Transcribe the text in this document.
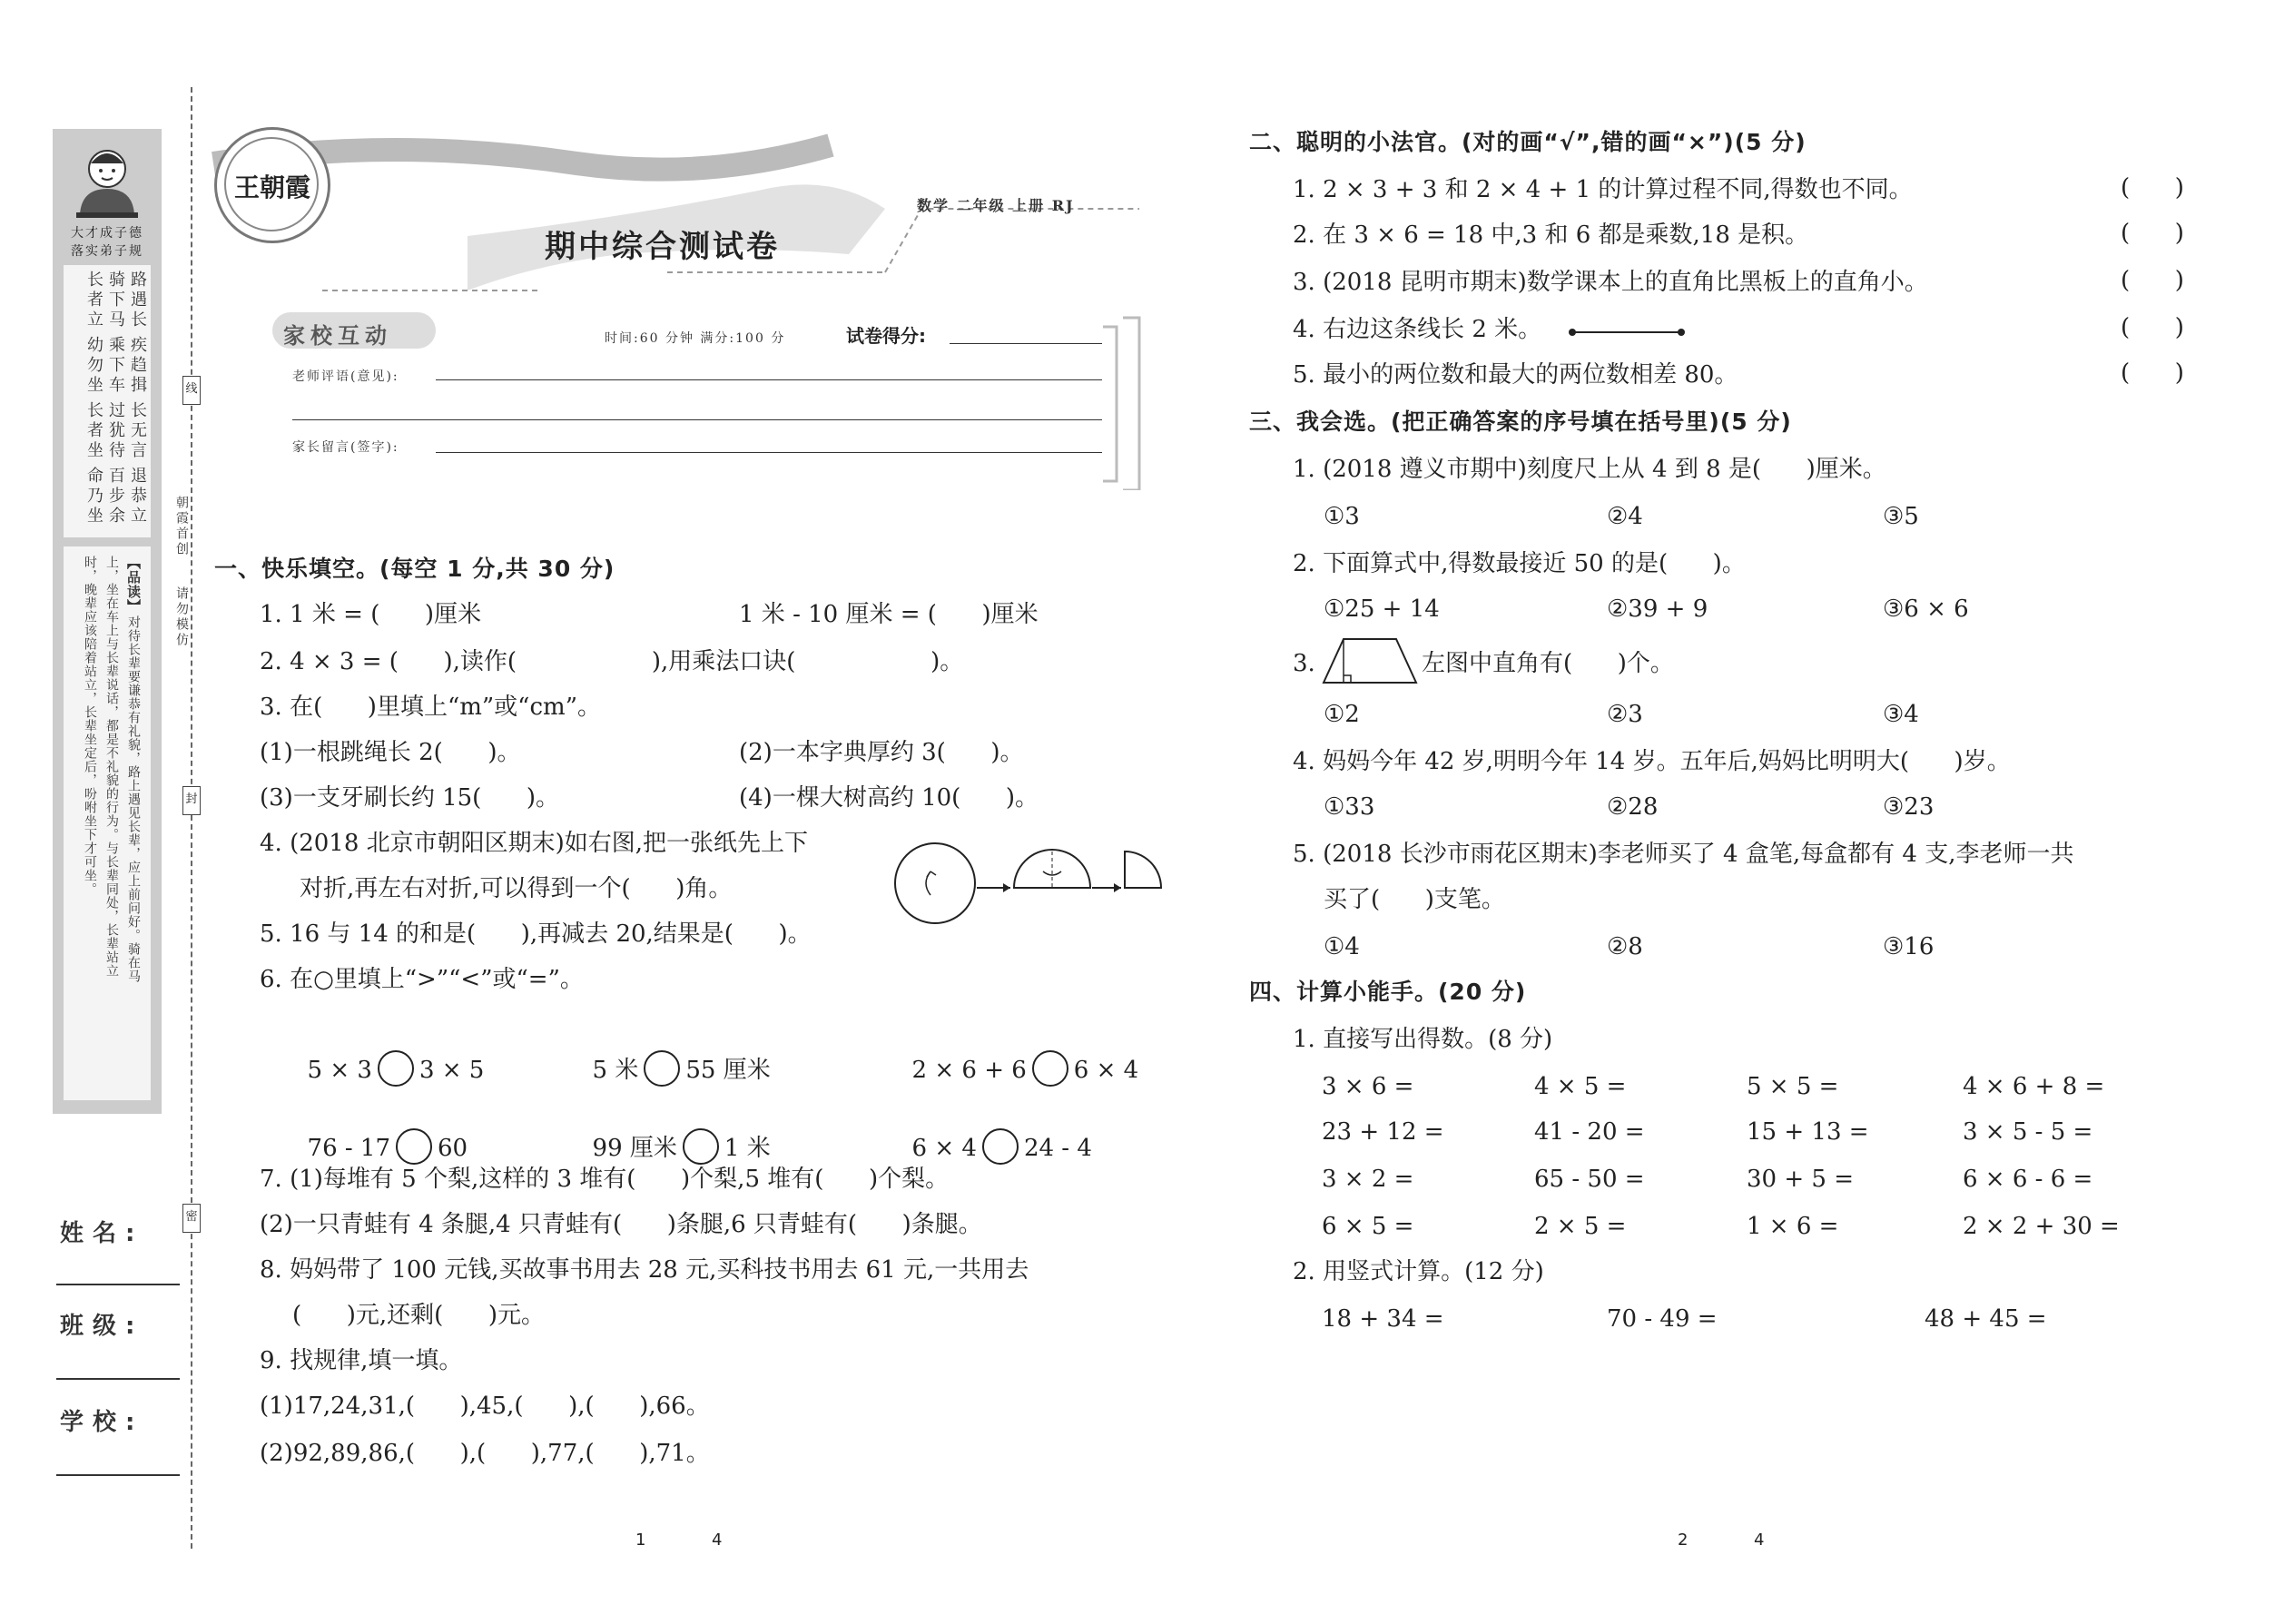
大才成子德
落实弟子规
路遇长
骑下马
长者立
疾趋揖
乘下车
幼勿坐
长无言
过犹待
长者坐
退恭立
百步余
命乃坐
【品读】
对待长辈要谦恭有礼貌，路上遇见长辈，应上前问好。骑在马
上，坐在车上与长辈说话，都是不礼貌的行为。与长辈同处，长辈站立
时，晚辈应该陪着站立，长辈坐定后，吩咐坐下才可坐。
姓名:
班级:
学校:
线
封
密
朝霞首创
请勿模仿
王朝霞
数学 二年级 上册 RJ
期中综合测试卷
家校互动	时间:60 分钟 满分:100 分	试卷得分:
老师评语(意见):
家长留言(签字):
一、快乐填空。(每空 1 分,共 30 分)
1. 1 米 = (      )厘米	1 米 - 10 厘米 = (      )厘米
2. 4 × 3 = (      ),读作(                  ),用乘法口诀(                  )。
3. 在(      )里填上“m”或“cm”。
(1)一根跳绳长 2(      )。	(2)一本字典厚约 3(      )。
(3)一支牙刷长约 15(      )。	(4)一棵大树高约 10(      )。
4. (2018 北京市朝阳区期末)如右图,把一张纸先上下
对折,再左右对折,可以得到一个(      )角。
5. 16 与 14 的和是(      ),再减去 20,结果是(      )。
6. 在○里填上“>”“<”或“=”。

5 × 3 3 × 5	5 米 55 厘米	2 × 6 + 6 6 × 4

76 - 17 60	99 厘米 1 米	6 × 4 24 - 4

7. (1)每堆有 5 个梨,这样的 3 堆有(      )个梨,5 堆有(      )个梨。
(2)一只青蛙有 4 条腿,4 只青蛙有(      )条腿,6 只青蛙有(      )条腿。
8. 妈妈带了 100 元钱,买故事书用去 28 元,买科技书用去 61 元,一共用去
(      )元,还剩(      )元。
9. 找规律,填一填。
(1)17,24,31,(      ),45,(      ),(      ),66。
(2)92,89,86,(      ),(      ),77,(      ),71。
1	4
二、聪明的小法官。(对的画“√”,错的画“×”)(5 分)
1. 2 × 3 + 3 和 2 × 4 + 1 的计算过程不同,得数也不同。	(      )
2. 在 3 × 6 = 18 中,3 和 6 都是乘数,18 是积。	(      )
3. (2018 昆明市期末)数学课本上的直角比黑板上的直角小。	(      )
4. 右边这条线长 2 米。	(      )
5. 最小的两位数和最大的两位数相差 80。	(      )
三、我会选。(把正确答案的序号填在括号里)(5 分)
1. (2018 遵义市期中)刻度尺上从 4 到 8 是(      )厘米。
①3	②4	③5
2. 下面算式中,得数最接近 50 的是(      )。
①25 + 14	②39 + 9	③6 × 6
3.	左图中直角有(      )个。
①2	②3	③4
4. 妈妈今年 42 岁,明明今年 14 岁。五年后,妈妈比明明大(      )岁。
①33	②28	③23
5. (2018 长沙市雨花区期末)李老师买了 4 盒笔,每盒都有 4 支,李老师一共
买了(      )支笔。
①4	②8	③16
四、计算小能手。(20 分)
1. 直接写出得数。(8 分)
3 × 6 =	4 × 5 =	5 × 5 =	4 × 6 + 8 =
23 + 12 =	41 - 20 =	15 + 13 =	3 × 5 - 5 =
3 × 2 =	65 - 50 =	30 + 5 =	6 × 6 - 6 =
6 × 5 =	2 × 5 =	1 × 6 =	2 × 2 + 30 =
2. 用竖式计算。(12 分)
18 + 34 =	70 - 49 =	48 + 45 =
2	4
